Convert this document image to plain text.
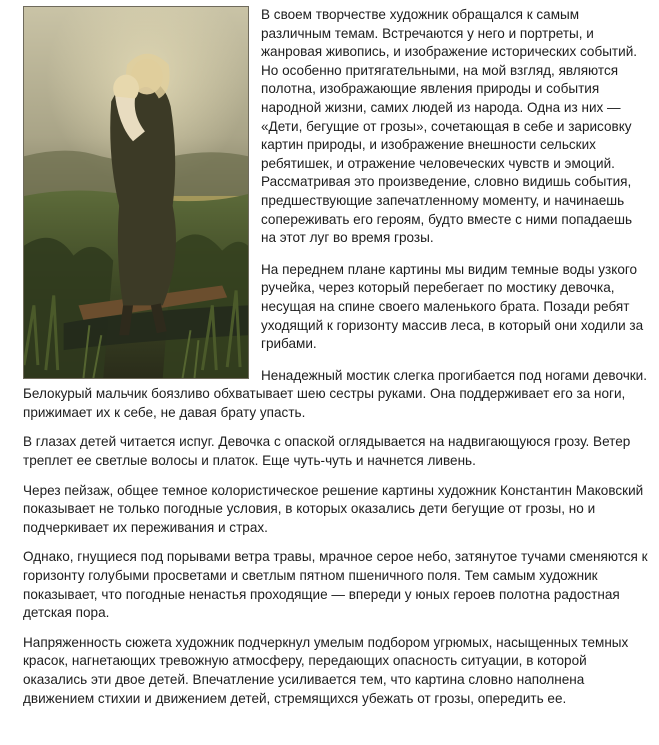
В своем творчестве художник обращался к самым различным темам. Встречаются у него и портреты, и жанровая живопись, и изображение исторических событий. Но особенно притягательными, на мой взгляд, являются полотна, изображающие явления природы и события народной жизни, самих людей из народа. Одна из них — «Дети, бегущие от грозы», сочетающая в себе и зарисовку картин природы, и изображение внешности сельских ребятишек, и отражение человеческих чувств и эмоций. Рассматривая это произведение, словно видишь события, предшествующие запечатленному моменту, и начинаешь сопереживать его героям, будто вместе с ними попадаешь на этот луг во время грозы.

На переднем плане картины мы видим темные воды узкого ручейка, через который перебегает по мостику девочка, несущая на спине своего маленького брата. Позади ребят уходящий к горизонту массив леса, в который они ходили за грибами.

Ненадежный мостик слегка прогибается под ногами девочки. Белокурый мальчик боязливо обхватывает шею сестры руками. Она поддерживает его за ноги, прижимает их к себе, не давая брату упасть.

В глазах детей читается испуг. Девочка с опаской оглядывается на надвигающуюся грозу. Ветер треплет ее светлые волосы и платок. Еще чуть-чуть и начнется ливень.

Через пейзаж, общее темное колористическое решение картины художник Константин Маковский показывает не только погодные условия, в которых оказались дети бегущие от грозы, но и подчеркивает их переживания и страх.

Однако, гнущиеся под порывами ветра травы, мрачное серое небо, затянутое тучами сменяются к горизонту голубыми просветами и светлым пятном пшеничного поля. Тем самым художник показывает, что погодные ненастья проходящие — впереди у юных героев полотна радостная детская пора.

Напряженность сюжета художник подчеркнул умелым подбором угрюмых, насыщенных темных красок, нагнетающих тревожную атмосферу, передающих опасность ситуации, в которой оказались эти двое детей. Впечатление усиливается тем, что картина словно наполнена движением стихии и движением детей, стремящихся убежать от грозы, опередить ее.
